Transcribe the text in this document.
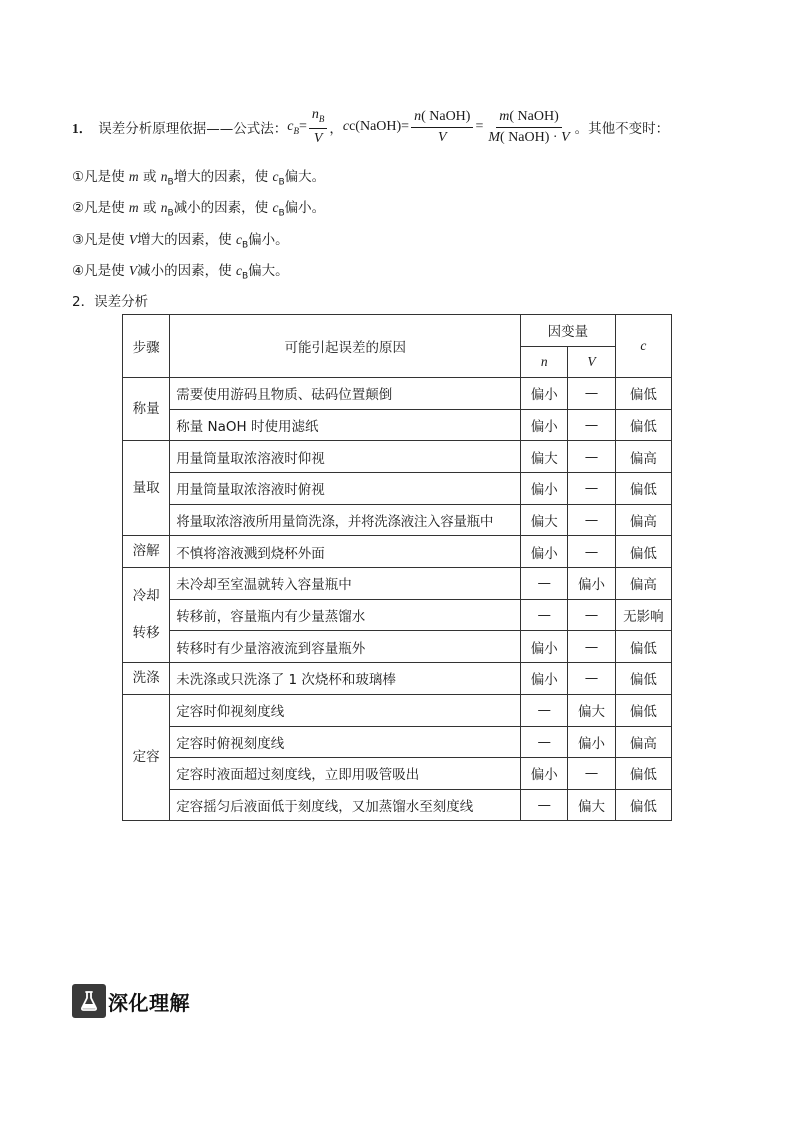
1． 误差分析原理依据——公式法： $c_B = \frac{n_B}{V}$ ， cc(NaOH)= $\frac{\text{n( NaOH)}}{V} = \frac{\text{m( NaOH)}}{\text{M( NaOH) · V}}$ 。其他不变时：
①凡是使 m 或 $n_B$增大的因素，使 $c_B$偏大。
②凡是使 m 或 $n_B$减小的因素，使 $c_B$偏小。
③凡是使 V增大的因素，使 $c_B$偏小。
④凡是使 V减小的因素，使 $c_B$偏大。
2．误差分析
步骤	可能引起误差的原因	因变量		c
		n	V	
称量	需要使用游码且物质、砝码位置颠倒	偏小	—	偏低
	称量 NaOH 时使用滤纸	偏小	—	偏低
量取	用量筒量取浓溶液时仰视	偏大	—	偏高
	用量筒量取浓溶液时俯视	偏小	—	偏低
	将量取浓溶液所用量筒洗涤，并将洗涤液注入容量瓶中	偏大	—	偏高
溶解	不慎将溶液溅到烧杯外面	偏小	—	偏低

冷却
转移	未冷却至室温就转入容量瓶中	—	偏小	偏高
	转移前，容量瓶内有少量蒸馏水	—	—	无影响
	转移时有少量溶液流到容量瓶外	偏小	—	偏低
洗涤	未洗涤或只洗涤了 1 次烧杯和玻璃棒	偏小	—	偏低
定容	定容时仰视刻度线	—	偏大	偏低
	定容时俯视刻度线	—	偏小	偏高
	定容时液面超过刻度线，立即用吸管吸出	偏小	—	偏低
	定容摇匀后液面低于刻度线，又加蒸馏水至刻度线	—	偏大	偏低
深化理解
